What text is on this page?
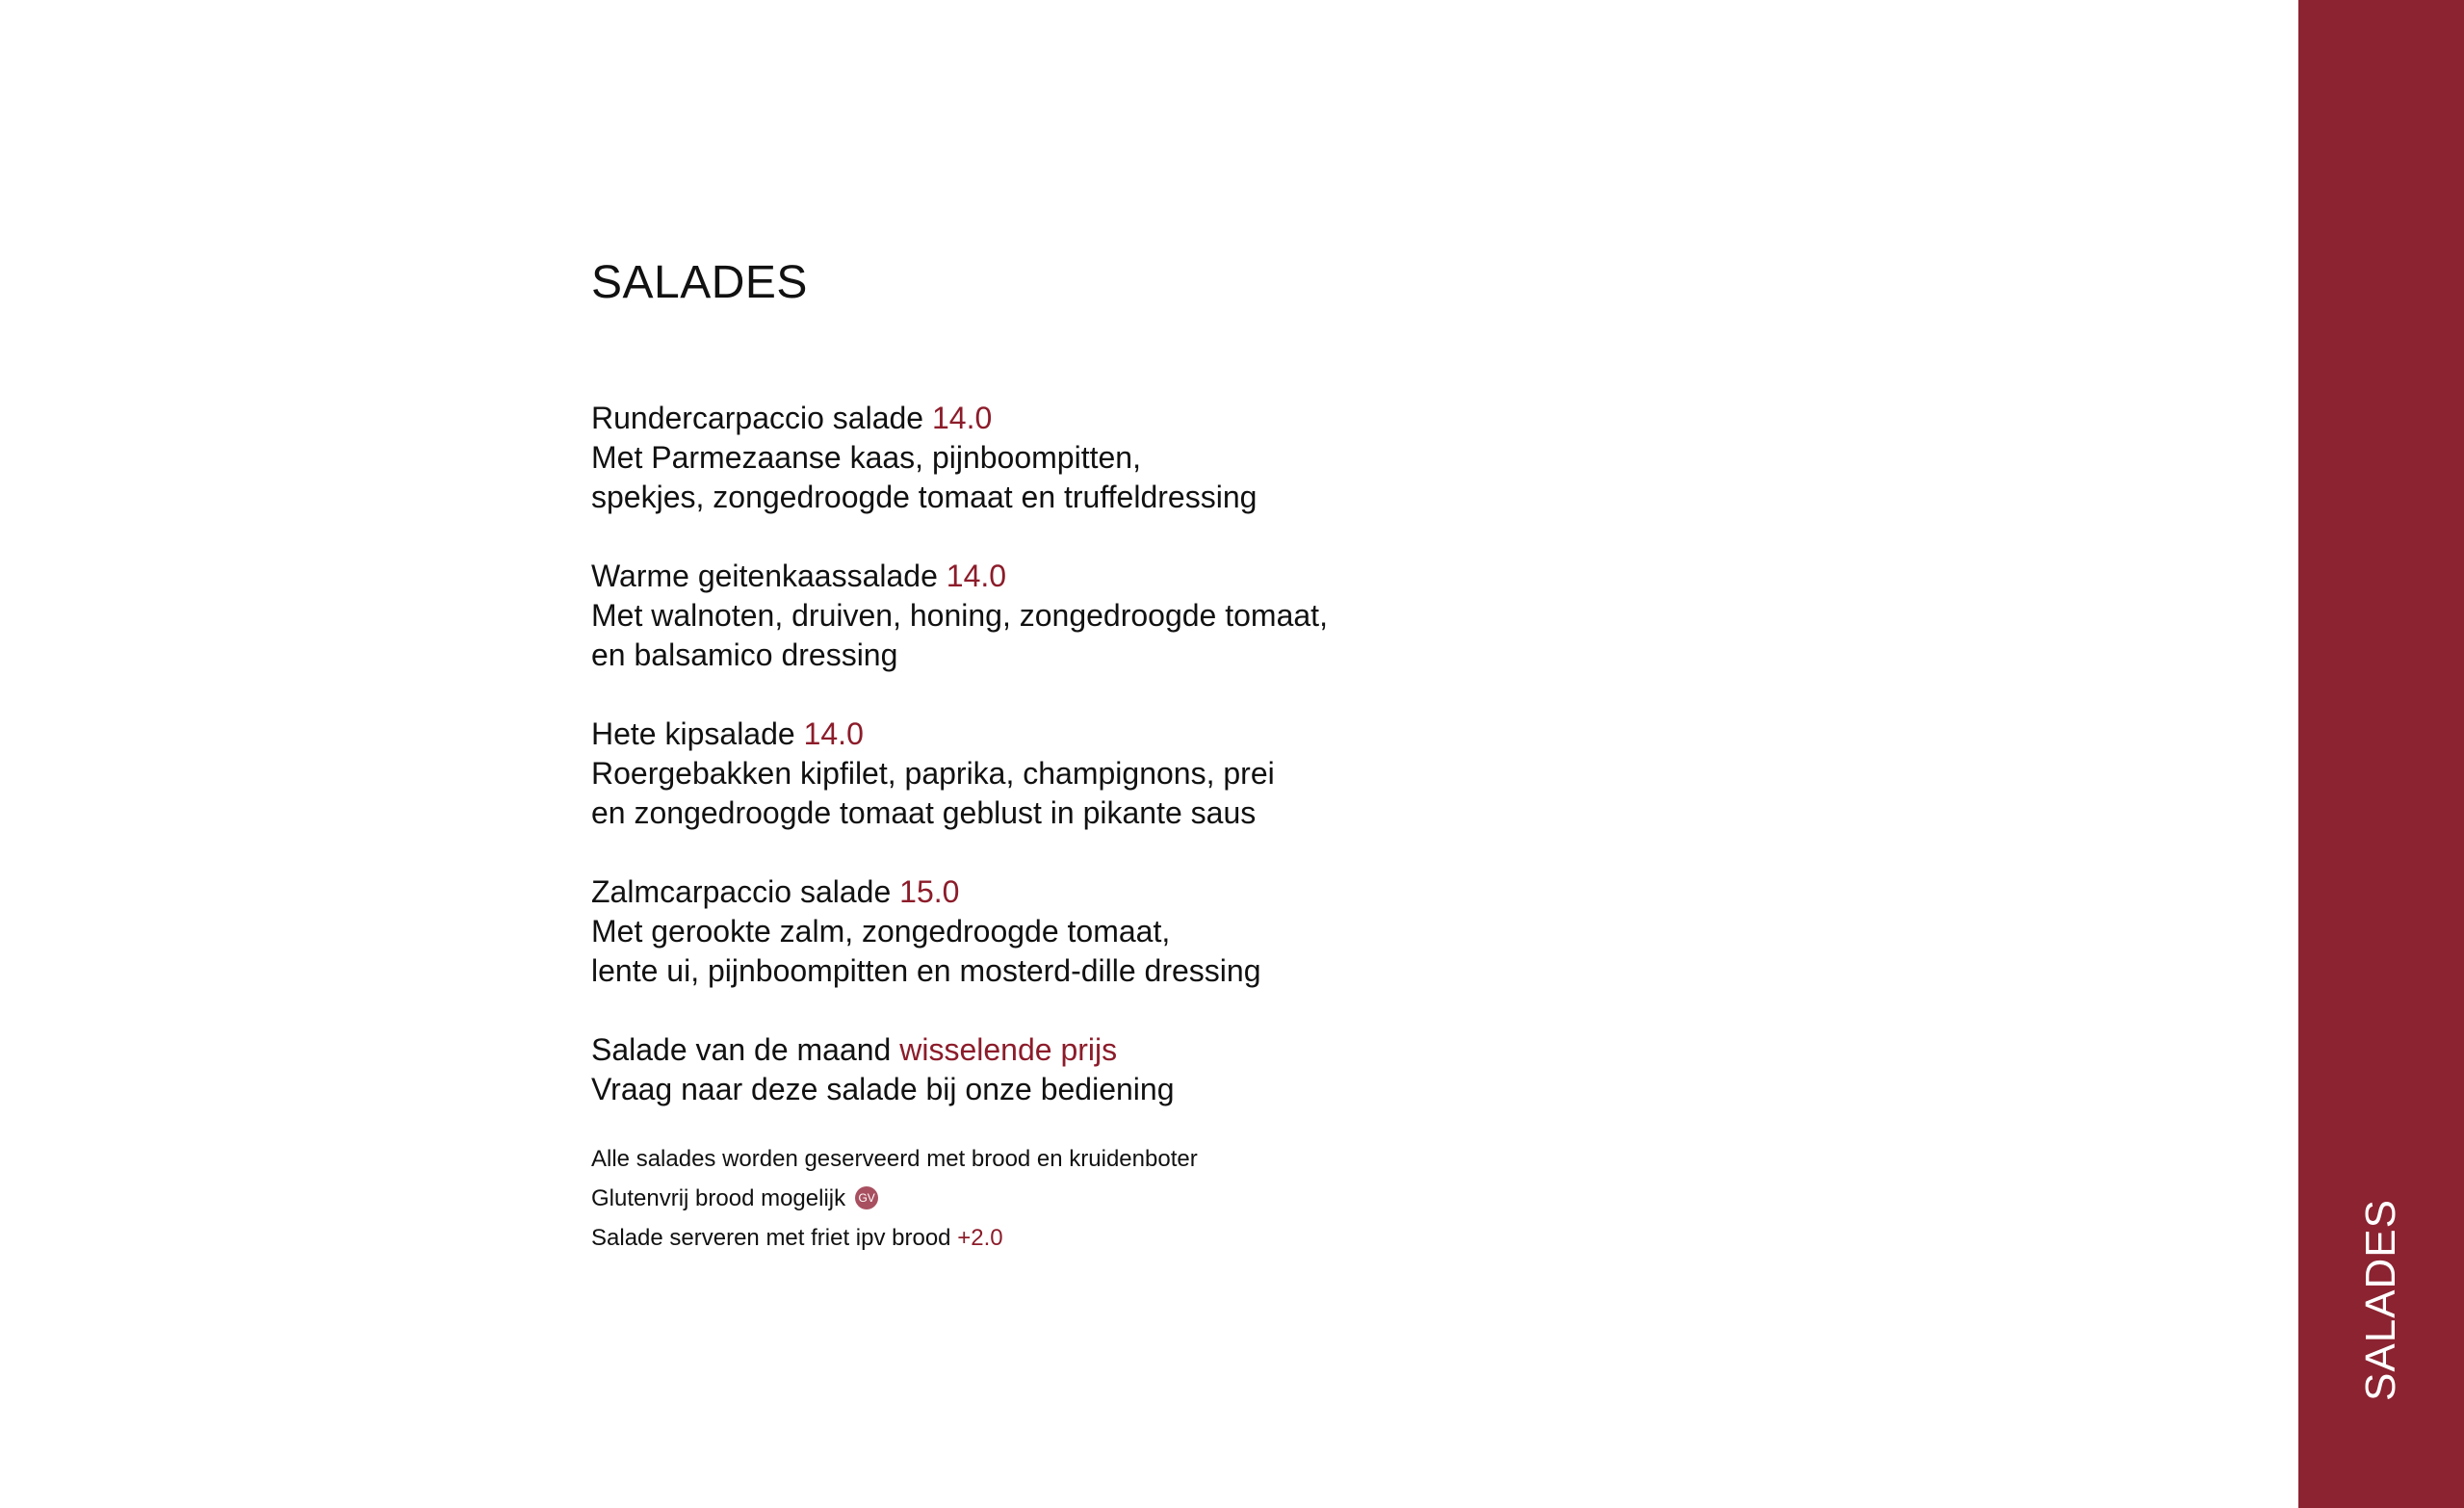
SALADES
Rundercarpaccio salade 14.0
Met Parmezaanse kaas, pijnboompitten,
spekjes, zongedroogde tomaat en truffeldressing
Warme geitenkaassalade 14.0
Met walnoten, druiven, honing, zongedroogde tomaat,
en balsamico dressing
Hete kipsalade 14.0
Roergebakken kipfilet, paprika, champignons, prei
en zongedroogde tomaat geblust in pikante saus
Zalmcarpaccio salade 15.0
Met gerookte zalm, zongedroogde tomaat,
lente ui, pijnboompitten en mosterd-dille dressing
Salade van de maand wisselende prijs
Vraag naar deze salade bij onze bediening
Alle salades worden geserveerd met brood en kruidenboter
Glutenvrij brood mogelijk GV
Salade serveren met friet ipv brood +2.0	SALADES
